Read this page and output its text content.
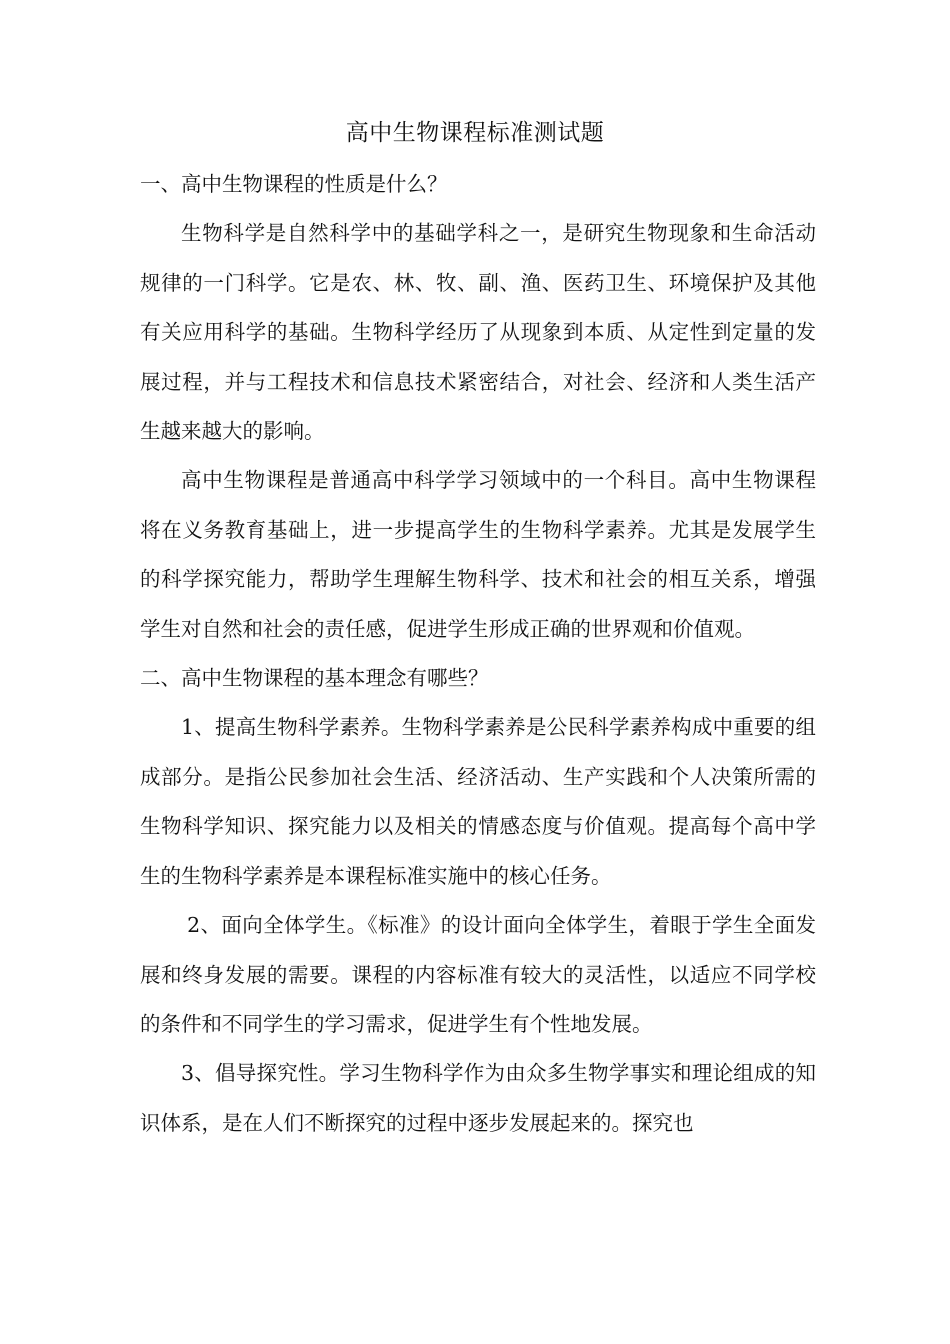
高中生物课程标准测试题

一、高中生物课程的性质是什么？

生物科学是自然科学中的基础学科之一，是研究生物现象和生命活动规律的一门科学。它是农、林、牧、副、渔、医药卫生、环境保护及其他有关应用科学的基础。生物科学经历了从现象到本质、从定性到定量的发展过程，并与工程技术和信息技术紧密结合，对社会、经济和人类生活产生越来越大的影响。

高中生物课程是普通高中科学学习领域中的一个科目。高中生物课程将在义务教育基础上，进一步提高学生的生物科学素养。尤其是发展学生的科学探究能力，帮助学生理解生物科学、技术和社会的相互关系，增强学生对自然和社会的责任感，促进学生形成正确的世界观和价值观。

二、高中生物课程的基本理念有哪些？

1、提高生物科学素养。生物科学素养是公民科学素养构成中重要的组成部分。是指公民参加社会生活、经济活动、生产实践和个人决策所需的生物科学知识、探究能力以及相关的情感态度与价值观。提高每个高中学生的生物科学素养是本课程标准实施中的核心任务。

2、面向全体学生。《标准》的设计面向全体学生，着眼于学生全面发展和终身发展的需要。课程的内容标准有较大的灵活性，以适应不同学校的条件和不同学生的学习需求，促进学生有个性地发展。

3、倡导探究性。学习生物科学作为由众多生物学事实和理论组成的知识体系，是在人们不断探究的过程中逐步发展起来的。探究也
